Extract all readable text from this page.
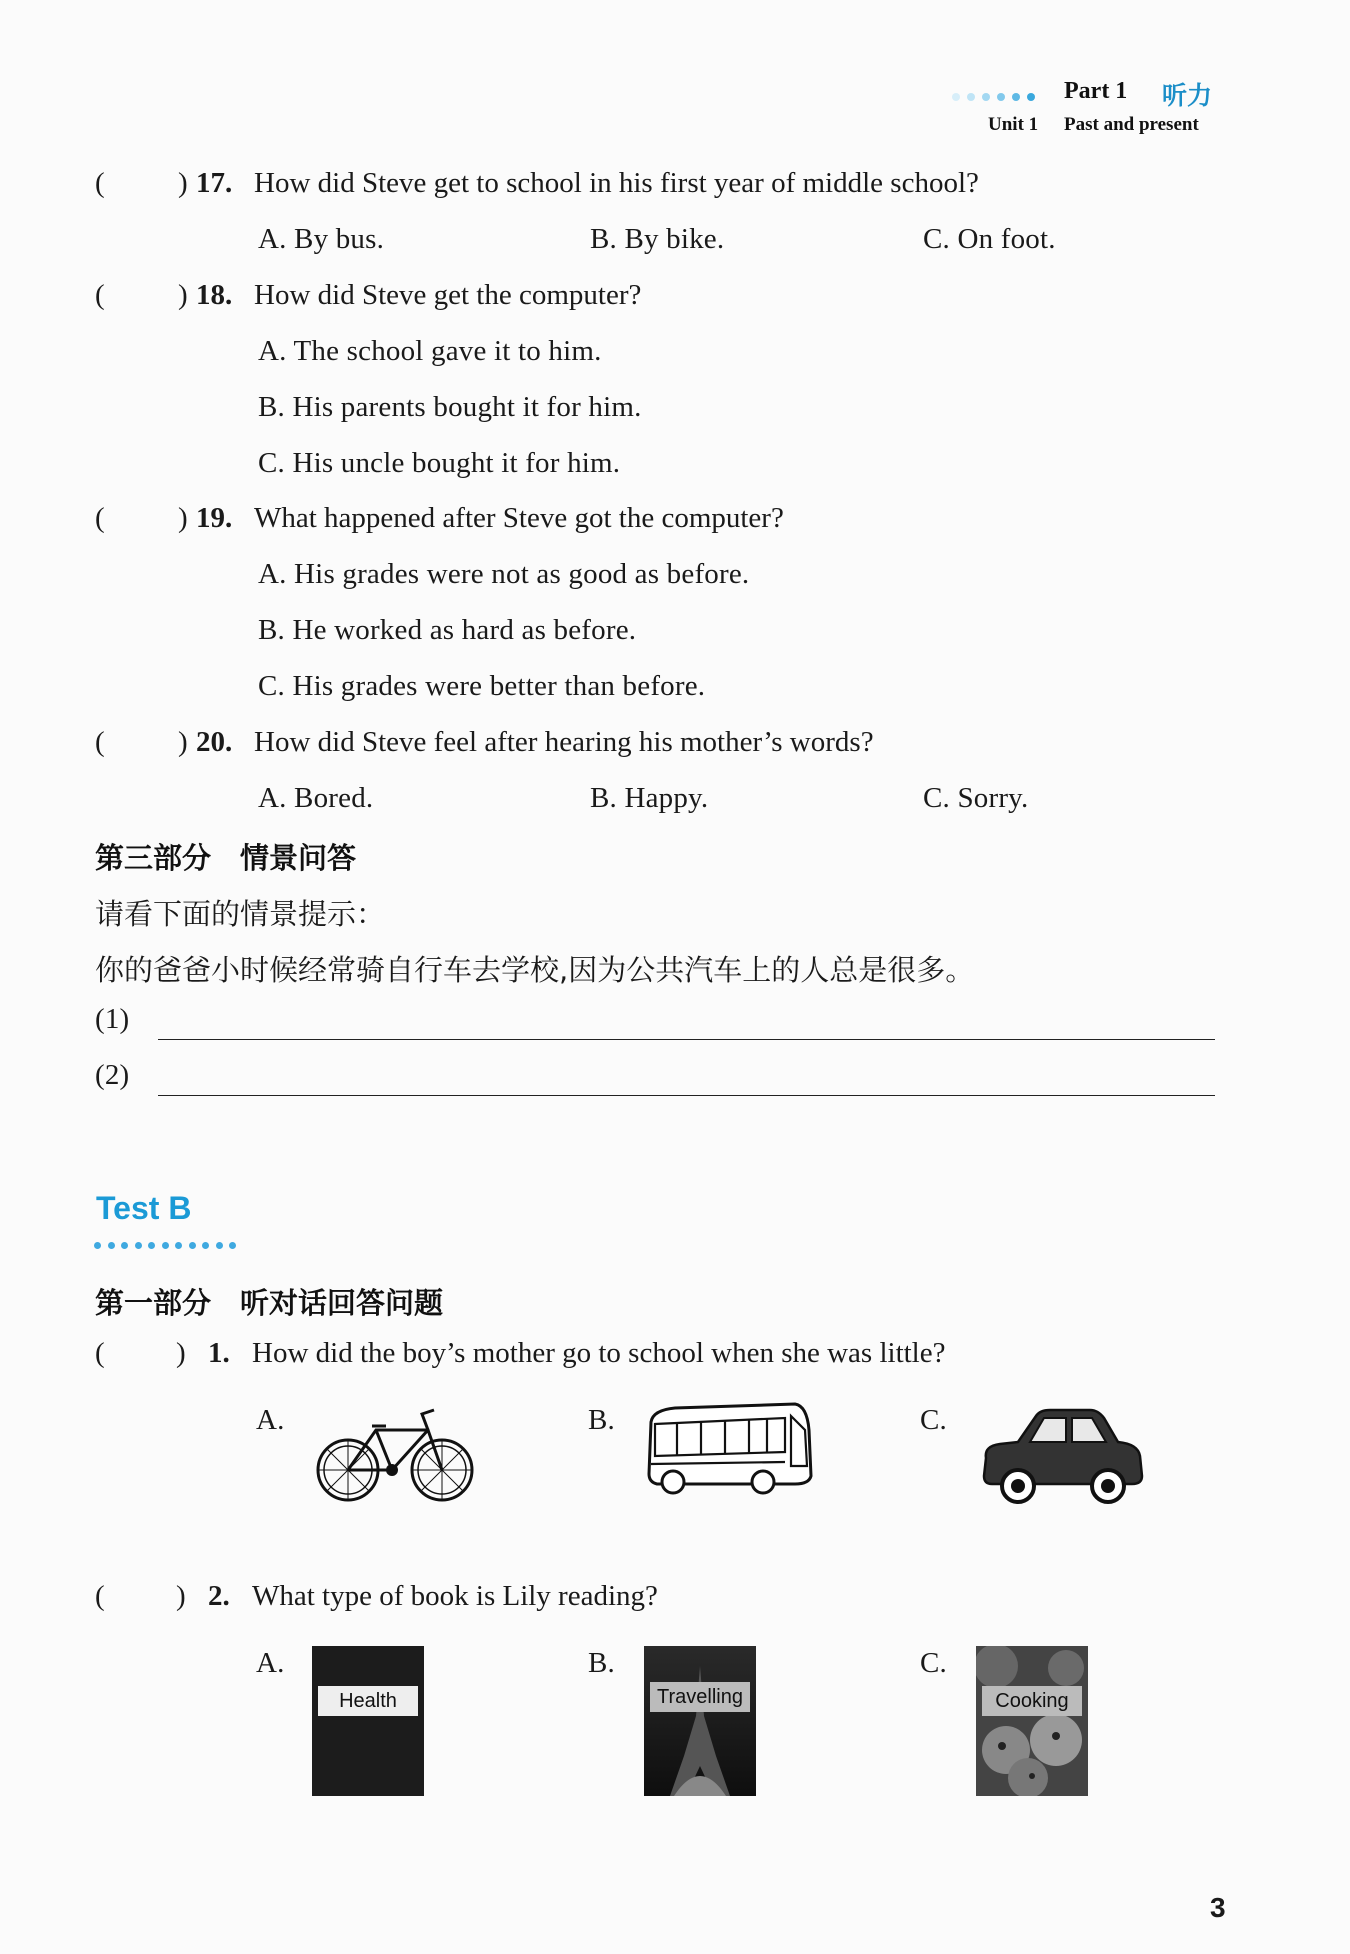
Part 1 听力
Unit 1 Past and present
(	) 17. How did Steve get to school in his first year of middle school?
A. By bus.	B. By bike.	C. On foot.
(	) 18. How did Steve get the computer?
A. The school gave it to him.
B. His parents bought it for him.
C. His uncle bought it for him.
(	) 19. What happened after Steve got the computer?
A. His grades were not as good as before.
B. He worked as hard as before.
C. His grades were better than before.
(	) 20. How did Steve feel after hearing his mother’s words?
A. Bored.	B. Happy.	C. Sorry.
第三部分　情景问答
请看下面的情景提示：
你的爸爸小时候经常骑自行车去学校,因为公共汽车上的人总是很多。
(1)
(2)
Test B
第一部分　听对话回答问题
( ) 1. How did the boy’s mother go to school when she was little?
A.	B.	C.
( ) 2. What type of book is Lily reading?
A.
Health
B.
Travelling
C.
Cooking
3
